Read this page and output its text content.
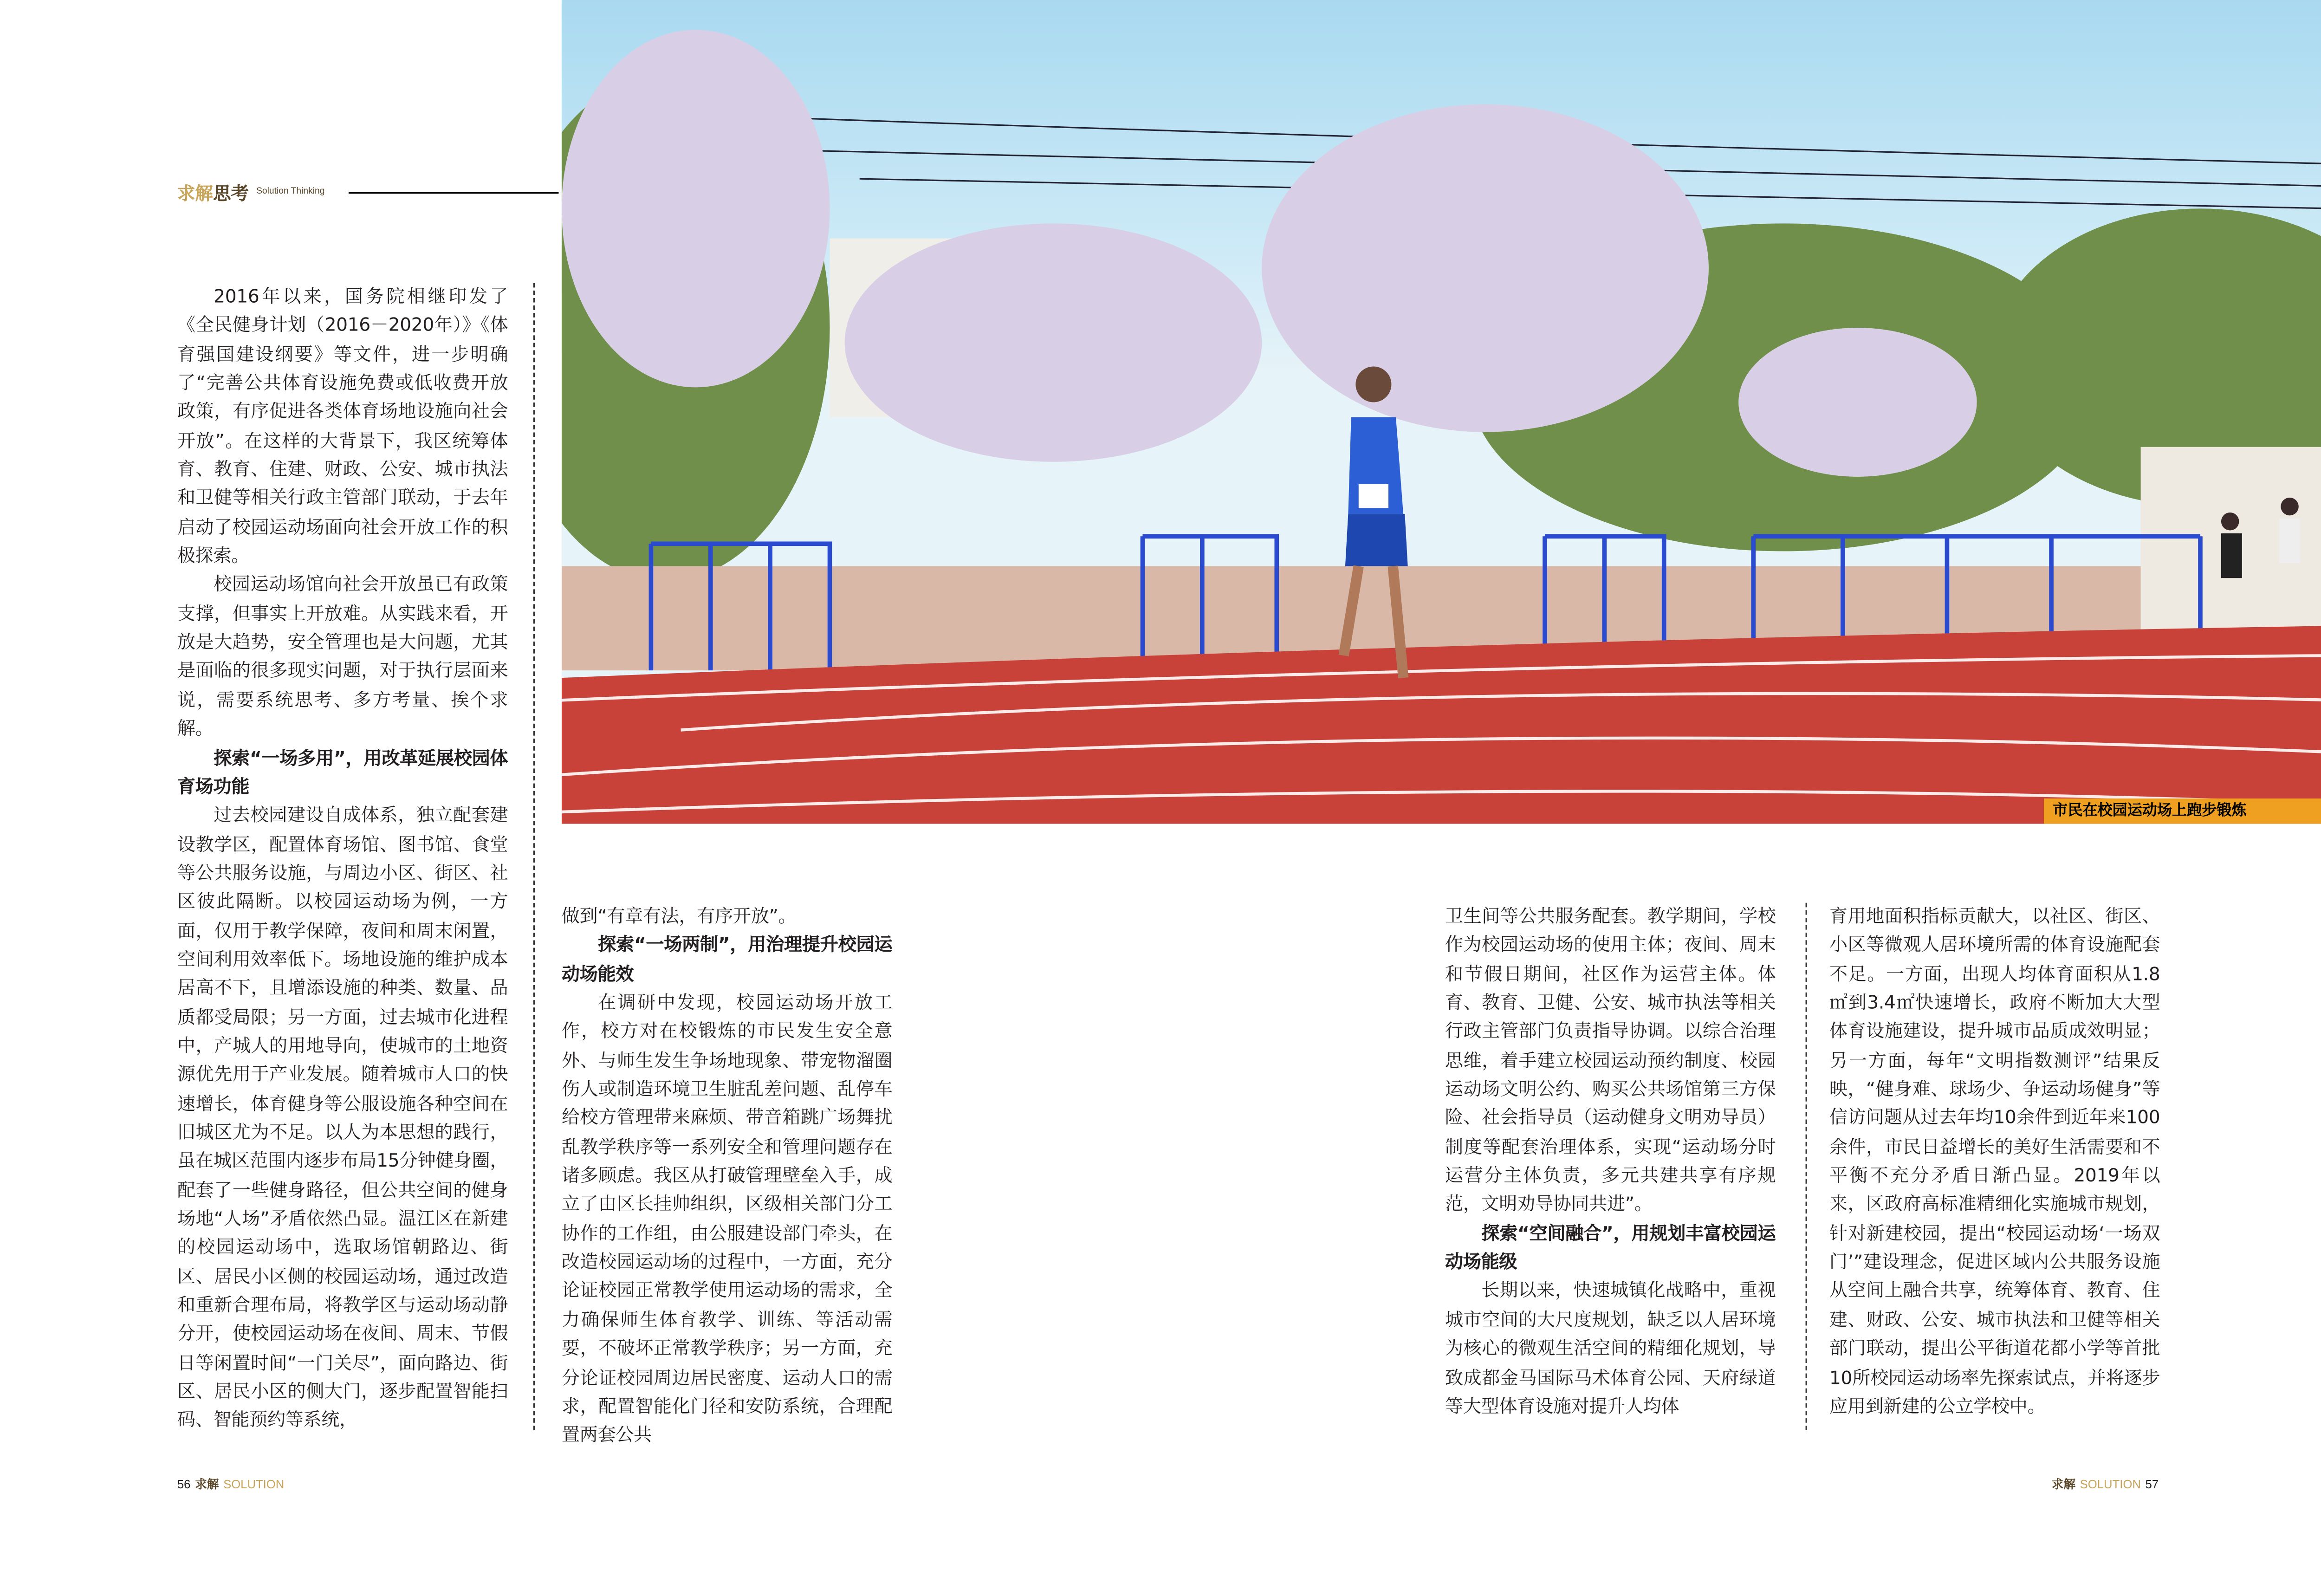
求解 思考	Solution Thinking
市民在校园运动场上跑步锻炼

2016年以来，国务院相继印发了《全民健身计划（2016－2020年）》《体育强国建设纲要》等文件，进一步明确了“完善公共体育设施免费或低收费开放政策，有序促进各类体育场地设施向社会开放”。在这样的大背景下，我区统筹体育、教育、住建、财政、公安、城市执法和卫健等相关行政主管部门联动，于去年启动了校园运动场面向社会开放工作的积极探索。

校园运动场馆向社会开放虽已有政策支撑，但事实上开放难。从实践来看，开放是大趋势，安全管理也是大问题，尤其是面临的很多现实问题，对于执行层面来说，需要系统思考、多方考量、挨个求解。

探索“一场多用”，用改革延展校园体育场功能

过去校园建设自成体系，独立配套建设教学区，配置体育场馆、图书馆、食堂等公共服务设施，与周边小区、街区、社区彼此隔断。以校园运动场为例，一方面，仅用于教学保障，夜间和周末闲置，空间利用效率低下。场地设施的维护成本居高不下，且增添设施的种类、数量、品质都受局限；另一方面，过去城市化进程中，产城人的用地导向，使城市的土地资源优先用于产业发展。随着城市人口的快速增长，体育健身等公服设施各种空间在旧城区尤为不足。以人为本思想的践行，虽在城区范围内逐步布局15分钟健身圈，配套了一些健身路径，但公共空间的健身场地“人场”矛盾依然凸显。温江区在新建的校园运动场中，选取场馆朝路边、街区、居民小区侧的校园运动场，通过改造和重新合理布局，将教学区与运动场动静分开，使校园运动场在夜间、周末、节假日等闲置时间“一门关尽”，面向路边、街区、居民小区的侧大门，逐步配置智能扫码、智能预约等系统，

做到“有章有法，有序开放”。

探索“一场两制”，用治理提升校园运动场能效

在调研中发现，校园运动场开放工作，校方对在校锻炼的市民发生安全意外、与师生发生争场地现象、带宠物溜圈伤人或制造环境卫生脏乱差问题、乱停车给校方管理带来麻烦、带音箱跳广场舞扰乱教学秩序等一系列安全和管理问题存在诸多顾虑。我区从打破管理壁垒入手，成立了由区长挂帅组织，区级相关部门分工协作的工作组，由公服建设部门牵头，在改造校园运动场的过程中，一方面，充分论证校园正常教学使用运动场的需求，全力确保师生体育教学、训练、等活动需要，不破坏正常教学秩序；另一方面，充分论证校园周边居民密度、运动人口的需求，配置智能化门径和安防系统，合理配置两套公共

卫生间等公共服务配套。教学期间，学校作为校园运动场的使用主体；夜间、周末和节假日期间，社区作为运营主体。体育、教育、卫健、公安、城市执法等相关行政主管部门负责指导协调。以综合治理思维，着手建立校园运动预约制度、校园运动场文明公约、购买公共场馆第三方保险、社会指导员（运动健身文明劝导员）制度等配套治理体系，实现“运动场分时运营分主体负责，多元共建共享有序规范，文明劝导协同共进”。

探索“空间融合”，用规划丰富校园运动场能级

长期以来，快速城镇化战略中，重视城市空间的大尺度规划，缺乏以人居环境为核心的微观生活空间的精细化规划，导致成都金马国际马术体育公园、天府绿道等大型体育设施对提升人均体

育用地面积指标贡献大，以社区、街区、小区等微观人居环境所需的体育设施配套不足。一方面，出现人均体育面积从1.8㎡到3.4㎡快速增长，政府不断加大大型体育设施建设，提升城市品质成效明显；另一方面，每年“文明指数测评”结果反映，“健身难、球场少、争运动场健身”等信访问题从过去年均10余件到近年来100余件，市民日益增长的美好生活需要和不平衡不充分矛盾日渐凸显。2019年以来，区政府高标准精细化实施城市规划，针对新建校园，提出“校园运动场‘一场双门’”建设理念，促进区域内公共服务设施从空间上融合共享，统筹体育、教育、住建、财政、公安、城市执法和卫健等相关部门联动，提出公平街道花都小学等首批10所校园运动场率先探索试点，并将逐步应用到新建的公立学校中。

56 求解 SOLUTION	求解 SOLUTION 57
